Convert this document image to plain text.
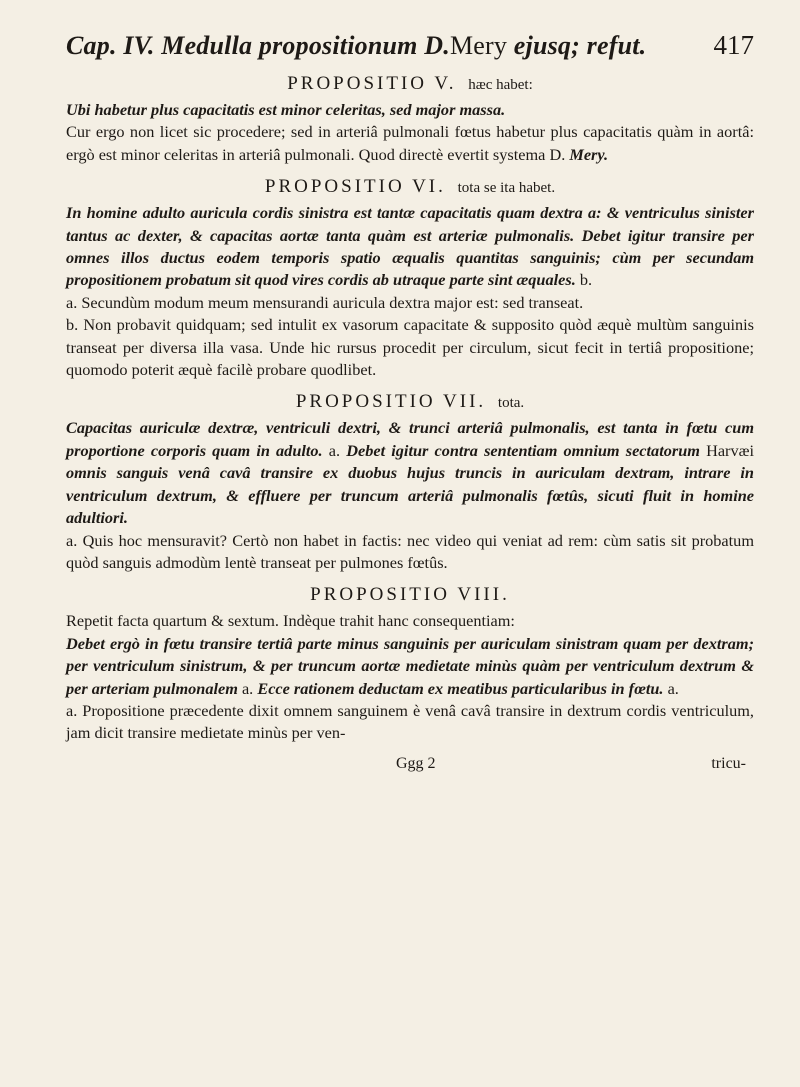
Cap. IV. Medulla propositionum D.Mery ejusq; refut. 417
PROPOSITIO V. hæc habet:

Ubi habetur plus capacitatis est minor celeritas, sed major massa.

Cur ergo non licet sic procedere; sed in arteriâ pulmonali fœtus habetur plus capacitatis quàm in aortâ: ergò est minor celeritas in arteriâ pulmonali. Quod directè evertit systema D. Mery.

PROPOSITIO VI. tota se ita habet.

In homine adulto auricula cordis sinistra est tantæ capacitatis quam dextra a: & ventriculus sinister tantus ac dexter, & capacitas aortæ tanta quàm est arteriæ pulmonalis. Debet igitur transire per omnes illos ductus eodem temporis spatio æqualis quantitas sanguinis; cùm per secundam propositionem probatum sit quod vires cordis ab utraque parte sint æquales. b.

a. Secundùm modum meum mensurandi auricula dextra major est: sed transeat.

b. Non probavit quidquam; sed intulit ex vasorum capacitate & supposito quòd æquè multùm sanguinis transeat per diversa illa vasa. Unde hic rursus procedit per circulum, sicut fecit in tertiâ propositione; quomodo poterit æquè facilè probare quodlibet.

PROPOSITIO VII. tota.

Capacitas auriculæ dextræ, ventriculi dextri, & trunci arteriâ pulmonalis, est tanta in fœtu cum proportione corporis quam in adulto. a. Debet igitur contra sententiam omnium sectatorum Harvæi omnis sanguis venâ cavâ transire ex duobus hujus truncis in auriculam dextram, intrare in ventriculum dextrum, & effluere per truncum arteriâ pulmonalis fœtûs, sicuti fluit in homine adultiori.

a. Quis hoc mensuravit? Certò non habet in factis: nec video qui veniat ad rem: cùm satis sit probatum quòd sanguis admodùm lentè transeat per pulmones fœtûs.

PROPOSITIO VIII.

Repetit facta quartum & sextum. Indèque trahit hanc consequentiam:

Debet ergò in fœtu transire tertiâ parte minus sanguinis per auriculam sinistram quam per dextram; per ventriculum sinistrum, & per truncum aortæ medietate minùs quàm per ventriculum dextrum & per arteriam pulmonalem a. Ecce rationem deductam ex meatibus particularibus in fœtu. a.

a. Propositione præcedente dixit omnem sanguinem è venâ cavâ transire in dextrum cordis ventriculum, jam dicit transire medietate minùs per ven-

Ggg 2	tricu-
